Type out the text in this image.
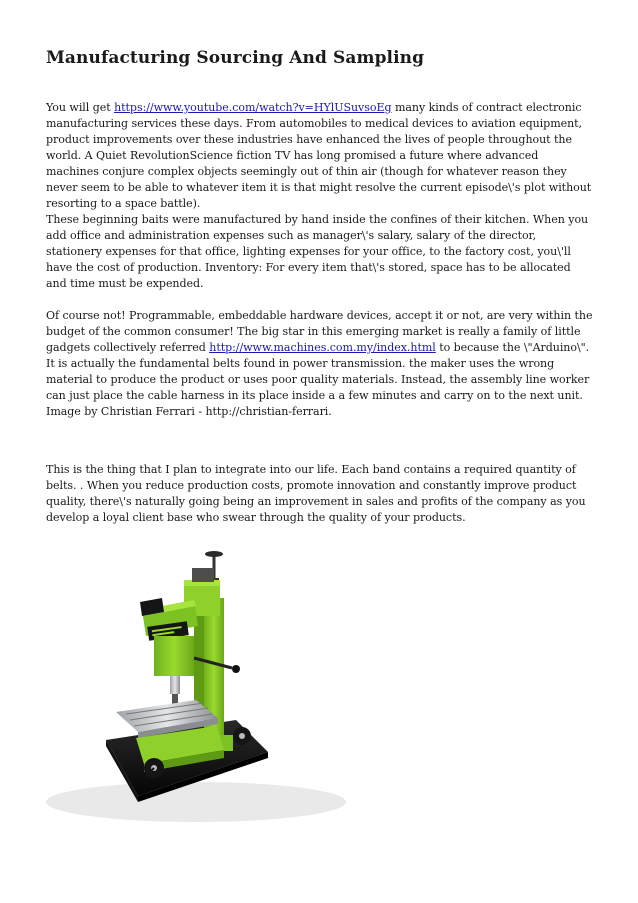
Manufacturing Sourcing And Sampling

You will get https://www.youtube.com/watch?v=HYlUSuvsoEg many kinds of contract electronic manufacturing services these days. From automobiles to medical devices to aviation equipment, product improvements over these industries have enhanced the lives of people throughout the world. A Quiet RevolutionScience fiction TV has long promised a future where advanced machines conjure complex objects seemingly out of thin air (though for whatever reason they never seem to be able to whatever item it is that might resolve the current episode\'s plot without resorting to a space battle).

These beginning baits were manufactured by hand inside the confines of their kitchen. When you add office and administration expenses such as manager\'s salary, salary of the director, stationery expenses for that office, lighting expenses for your office, to the factory cost, you\'ll have the cost of production. Inventory: For every item that\'s stored, space has to be allocated and time must be expended.

Of course not! Programmable, embeddable hardware devices, accept it or not, are very within the budget of the common consumer! The big star in this emerging market is really a family of little gadgets collectively referred http://www.machines.com.my/index.html to because the \"Arduino\". It is actually the fundamental belts found in power transmission. the maker uses the wrong material to produce the product or uses poor quality materials. Instead, the assembly line worker can just place the cable harness in its place inside a a few minutes and carry on to the next unit. Image by Christian Ferrari - http://christian-ferrari.

This is the thing that I plan to integrate into our life. Each band contains a required quantity of belts. . When you reduce production costs, promote innovation and constantly improve product quality, there\'s naturally going being an improvement in sales and profits of the company as you develop a loyal client base who swear through the quality of your products.
